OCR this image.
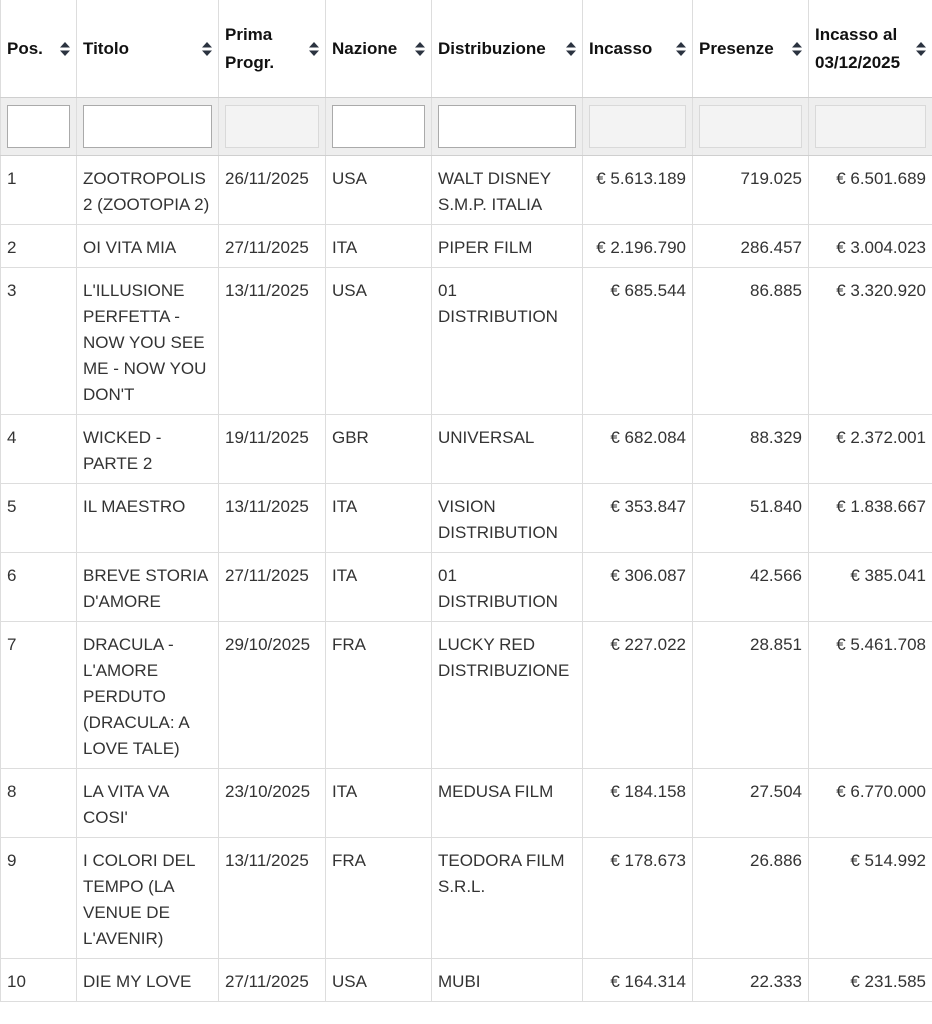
Pos.	Titolo	Prima Progr.	Nazione	Distribuzione	Incasso	Presenze	Incasso al 03/12/2025

1	ZOOTROPOLIS 2 (ZOOTOPIA 2)	26/11/2025	USA	WALT DISNEY S.M.P. ITALIA	€ 5.613.189	719.025	€ 6.501.689
2	OI VITA MIA	27/11/2025	ITA	PIPER FILM	€ 2.196.790	286.457	€ 3.004.023
3	L'ILLUSIONE PERFETTA - NOW YOU SEE ME - NOW YOU DON'T	13/11/2025	USA	01 DISTRIBUTION	€ 685.544	86.885	€ 3.320.920
4	WICKED - PARTE 2	19/11/2025	GBR	UNIVERSAL	€ 682.084	88.329	€ 2.372.001
5	IL MAESTRO	13/11/2025	ITA	VISION DISTRIBUTION	€ 353.847	51.840	€ 1.838.667
6	BREVE STORIA D'AMORE	27/11/2025	ITA	01 DISTRIBUTION	€ 306.087	42.566	€ 385.041
7	DRACULA - L'AMORE PERDUTO (DRACULA: A LOVE TALE)	29/10/2025	FRA	LUCKY RED DISTRIBUZIONE	€ 227.022	28.851	€ 5.461.708
8	LA VITA VA COSI'	23/10/2025	ITA	MEDUSA FILM	€ 184.158	27.504	€ 6.770.000
9	I COLORI DEL TEMPO (LA VENUE DE L'AVENIR)	13/11/2025	FRA	TEODORA FILM S.R.L.	€ 178.673	26.886	€ 514.992
10	DIE MY LOVE	27/11/2025	USA	MUBI	€ 164.314	22.333	€ 231.585
